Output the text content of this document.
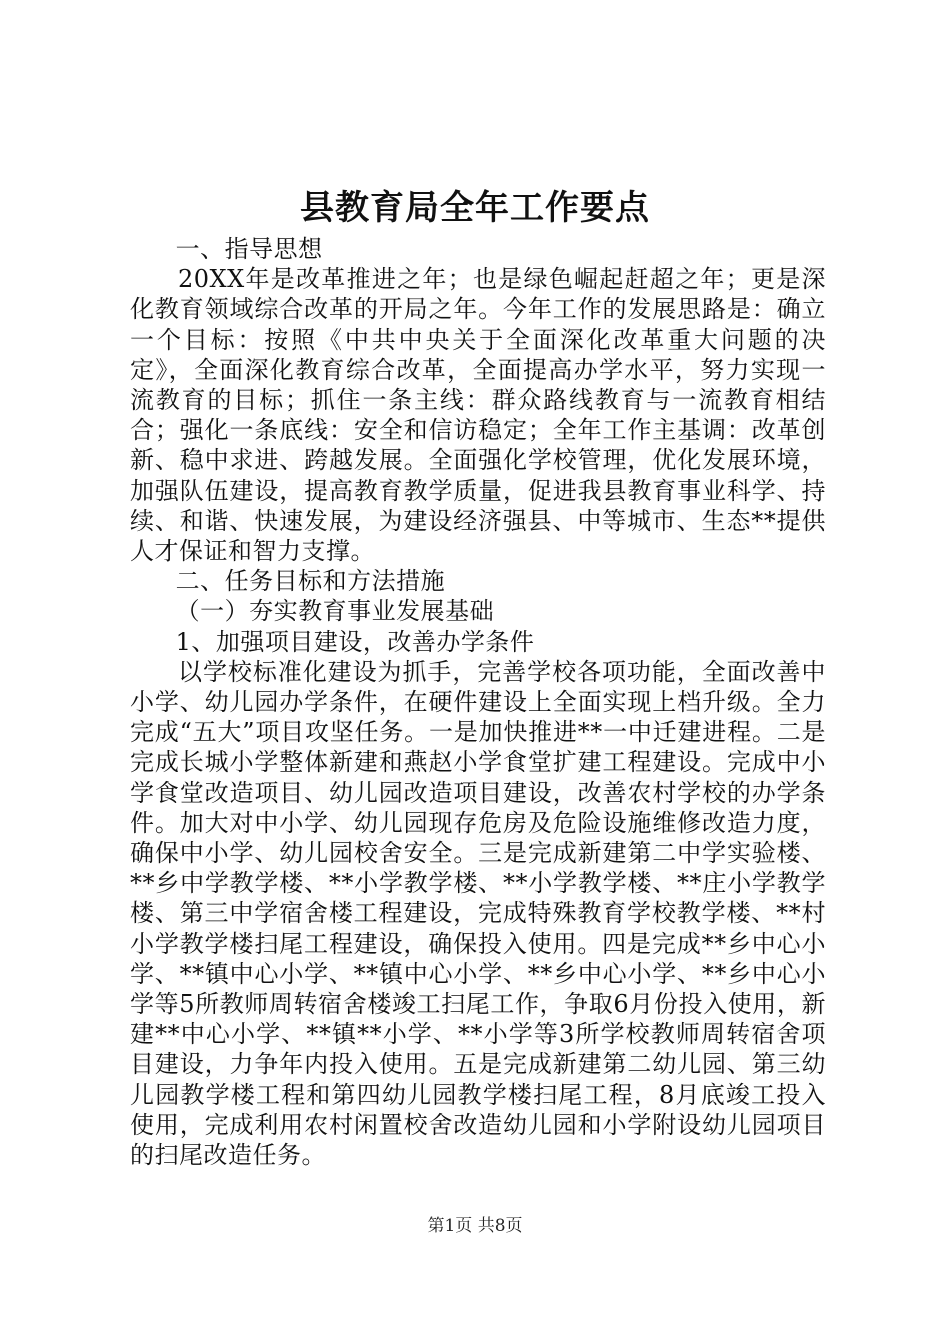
县教育局全年工作要点

一、指导思想

20XX年是改革推进之年；也是绿色崛起赶超之年；更是深化教育领域综合改革的开局之年。今年工作的发展思路是：确立一个目标：按照《中共中央关于全面深化改革重大问题的决定》，全面深化教育综合改革，全面提高办学水平，努力实现一流教育的目标；抓住一条主线：群众路线教育与一流教育相结合；强化一条底线：安全和信访稳定；全年工作主基调：改革创新、稳中求进、跨越发展。全面强化学校管理，优化发展环境，加强队伍建设，提高教育教学质量，促进我县教育事业科学、持续、和谐、快速发展，为建设经济强县、中等城市、生态**提供人才保证和智力支撑。

二、任务目标和方法措施

（一）夯实教育事业发展基础

1、加强项目建设，改善办学条件

以学校标准化建设为抓手，完善学校各项功能，全面改善中小学、幼儿园办学条件，在硬件建设上全面实现上档升级。全力完成“五大”项目攻坚任务。一是加快推进**一中迁建进程。二是完成长城小学整体新建和燕赵小学食堂扩建工程建设。完成中小学食堂改造项目、幼儿园改造项目建设，改善农村学校的办学条件。加大对中小学、幼儿园现存危房及危险设施维修改造力度，确保中小学、幼儿园校舍安全。三是完成新建第二中学实验楼、**乡中学教学楼、**小学教学楼、**小学教学楼、**庄小学教学楼、第三中学宿舍楼工程建设，完成特殊教育学校教学楼、**村小学教学楼扫尾工程建设，确保投入使用。四是完成**乡中心小学、**镇中心小学、**镇中心小学、**乡中心小学、**乡中心小学等5所教师周转宿舍楼竣工扫尾工作，争取6月份投入使用，新建**中心小学、**镇**小学、**小学等3所学校教师周转宿舍项目建设，力争年内投入使用。五是完成新建第二幼儿园、第三幼儿园教学楼工程和第四幼儿园教学楼扫尾工程，8月底竣工投入使用，完成利用农村闲置校舍改造幼儿园和小学附设幼儿园项目的扫尾改造任务。

第1页 共8页
